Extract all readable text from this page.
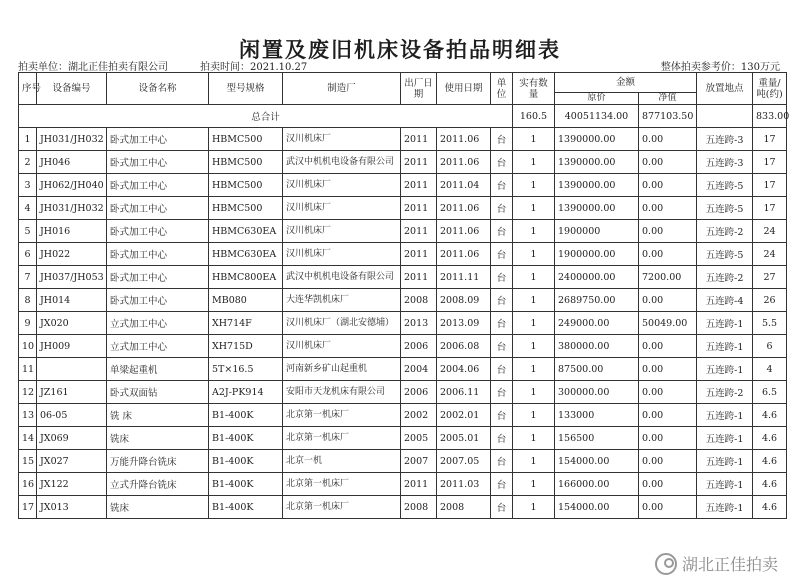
闲置及废旧机床设备拍品明细表
拍卖单位：湖北正佳拍卖有限公司	拍卖时间：2021.10.27	整体拍卖参考价：130万元
序号	设备编号	设备名称	型号规格	制造厂	出厂日期	使用日期	单位	实有数量	金额		放置地点	重量/吨(约)
									原价	净值		
总合计								160.5	40051134.00	877103.50		833.00
1	JH031/JH032	卧式加工中心	HBMC500	汉川机床厂	2011	2011.06	台	1	1390000.00	0.00	五连跨-3	17
2	JH046	卧式加工中心	HBMC500	武汉中机机电设备有限公司	2011	2011.06	台	1	1390000.00	0.00	五连跨-3	17
3	JH062/JH040	卧式加工中心	HBMC500	汉川机床厂	2011	2011.04	台	1	1390000.00	0.00	五连跨-5	17
4	JH031/JH032	卧式加工中心	HBMC500	汉川机床厂	2011	2011.06	台	1	1390000.00	0.00	五连跨-5	17
5	JH016	卧式加工中心	HBMC630EA	汉川机床厂	2011	2011.06	台	1	1900000	0.00	五连跨-2	24
6	JH022	卧式加工中心	HBMC630EA	汉川机床厂	2011	2011.06	台	1	1900000.00	0.00	五连跨-5	24
7	JH037/JH053	卧式加工中心	HBMC800EA	武汉中机机电设备有限公司	2011	2011.11	台	1	2400000.00	7200.00	五连跨-2	27
8	JH014	卧式加工中心	MB080	大连华凯机床厂	2008	2008.09	台	1	2689750.00	0.00	五连跨-4	26
9	JX020	立式加工中心	XH714F	汉川机床厂（湖北安德埔）	2013	2013.09	台	1	249000.00	50049.00	五连跨-1	5.5
10	JH009	立式加工中心	XH715D	汉川机床厂	2006	2006.08	台	1	380000.00	0.00	五连跨-1	6
11		单梁起重机	5T×16.5	河南新乡矿山起重机	2004	2004.06	台	1	87500.00	0.00	五连跨-1	4
12	JZ161	卧式双面钻	A2J-PK914	安阳市天龙机床有限公司	2006	2006.11	台	1	300000.00	0.00	五连跨-2	6.5
13	06-05	铣 床	B1-400K	北京第一机床厂	2002	2002.01	台	1	133000	0.00	五连跨-1	4.6
14	JX069	铣床	B1-400K	北京第一机床厂	2005	2005.01	台	1	156500	0.00	五连跨-1	4.6
15	JX027	万能升降台铣床	B1-400K	北京一机	2007	2007.05	台	1	154000.00	0.00	五连跨-1	4.6
16	JX122	立式升降台铣床	B1-400K	北京第一机床厂	2011	2011.03	台	1	166000.00	0.00	五连跨-1	4.6
17	JX013	铣床	B1-400K	北京第一机床厂	2008	2008	台	1	154000.00	0.00	五连跨-1	4.6
湖北正佳拍卖
